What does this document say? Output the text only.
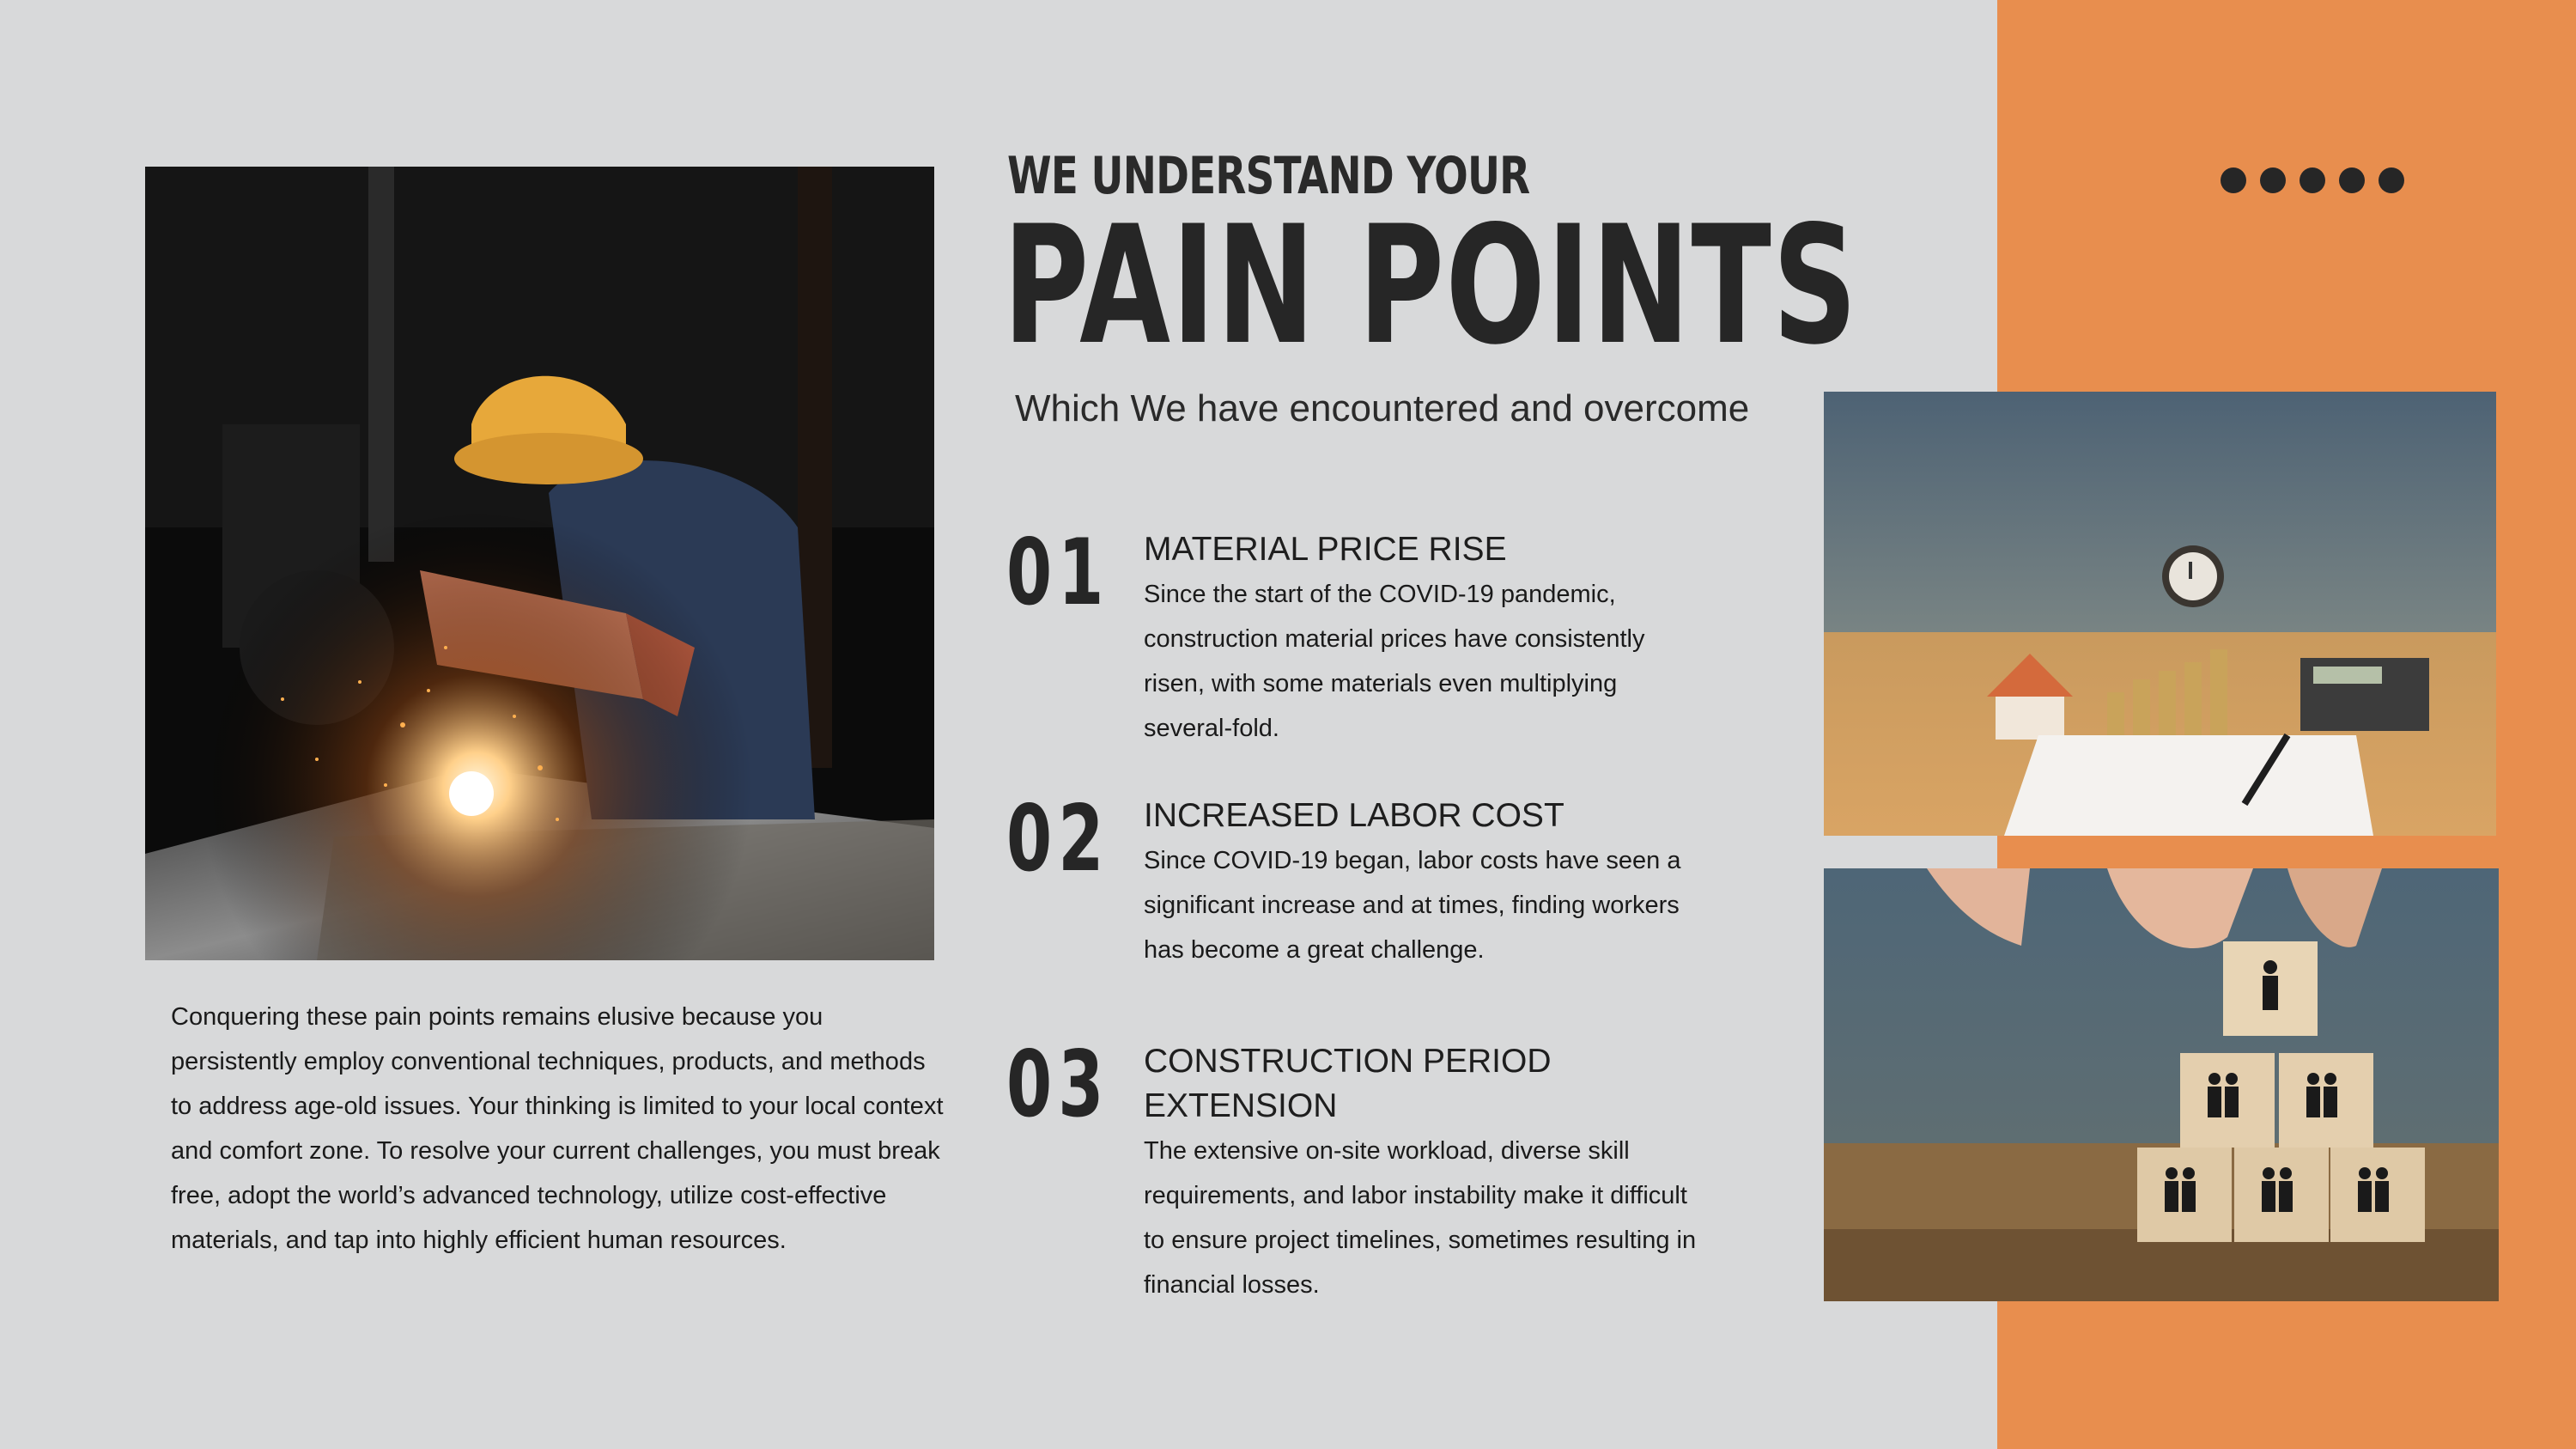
WE UNDERSTAND YOUR
PAIN POINTS
Which We have encountered and overcome
01 MATERIAL PRICE RISE

Since the start of the COVID-19 pandemic, construction material prices have consistently risen, with some materials even multiplying several-fold.

02 INCREASED LABOR COST

Since COVID-19 began, labor costs have seen a significant increase and at times, finding workers has become a great challenge.

03 CONSTRUCTION PERIOD EXTENSION

The extensive on-site workload, diverse skill requirements, and labor instability make it difficult to ensure project timelines, sometimes resulting in financial losses.

Conquering these pain points remains elusive because you persistently employ conventional techniques, products, and methods to address age-old issues. Your thinking is limited to your local context and comfort zone. To resolve your current challenges, you must break free, adopt the world’s advanced technology, utilize cost-effective materials, and tap into highly efficient human resources.
